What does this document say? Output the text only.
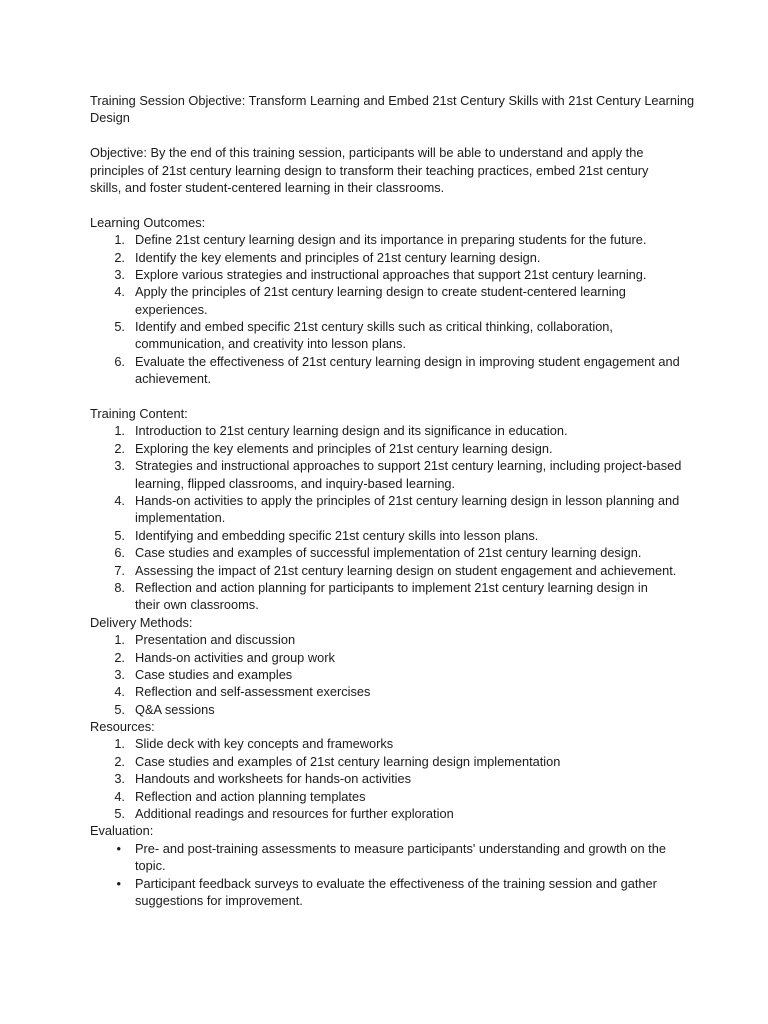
Training Session Objective: Transform Learning and Embed 21st Century Skills with 21st Century Learning
Design
Objective: By the end of this training session, participants will be able to understand and apply the
principles of 21st century learning design to transform their teaching practices, embed 21st century
skills, and foster student-centered learning in their classrooms.
Learning Outcomes:
1. Define 21st century learning design and its importance in preparing students for the future.
2. Identify the key elements and principles of 21st century learning design.
3. Explore various strategies and instructional approaches that support 21st century learning.
4. Apply the principles of 21st century learning design to create student-centered learning
experiences.
5. Identify and embed specific 21st century skills such as critical thinking, collaboration,
communication, and creativity into lesson plans.
6. Evaluate the effectiveness of 21st century learning design in improving student engagement and
achievement.
Training Content:
1. Introduction to 21st century learning design and its significance in education.
2. Exploring the key elements and principles of 21st century learning design.
3. Strategies and instructional approaches to support 21st century learning, including project-based
learning, flipped classrooms, and inquiry-based learning.
4. Hands-on activities to apply the principles of 21st century learning design in lesson planning and
implementation.
5. Identifying and embedding specific 21st century skills into lesson plans.
6. Case studies and examples of successful implementation of 21st century learning design.
7. Assessing the impact of 21st century learning design on student engagement and achievement.
8. Reflection and action planning for participants to implement 21st century learning design in
their own classrooms.
Delivery Methods:
1. Presentation and discussion
2. Hands-on activities and group work
3. Case studies and examples
4. Reflection and self-assessment exercises
5. Q&A sessions
Resources:
1. Slide deck with key concepts and frameworks
2. Case studies and examples of 21st century learning design implementation
3. Handouts and worksheets for hands-on activities
4. Reflection and action planning templates
5. Additional readings and resources for further exploration
Evaluation:
•	Pre- and post-training assessments to measure participants' understanding and growth on the
topic.
•	Participant feedback surveys to evaluate the effectiveness of the training session and gather
suggestions for improvement.
